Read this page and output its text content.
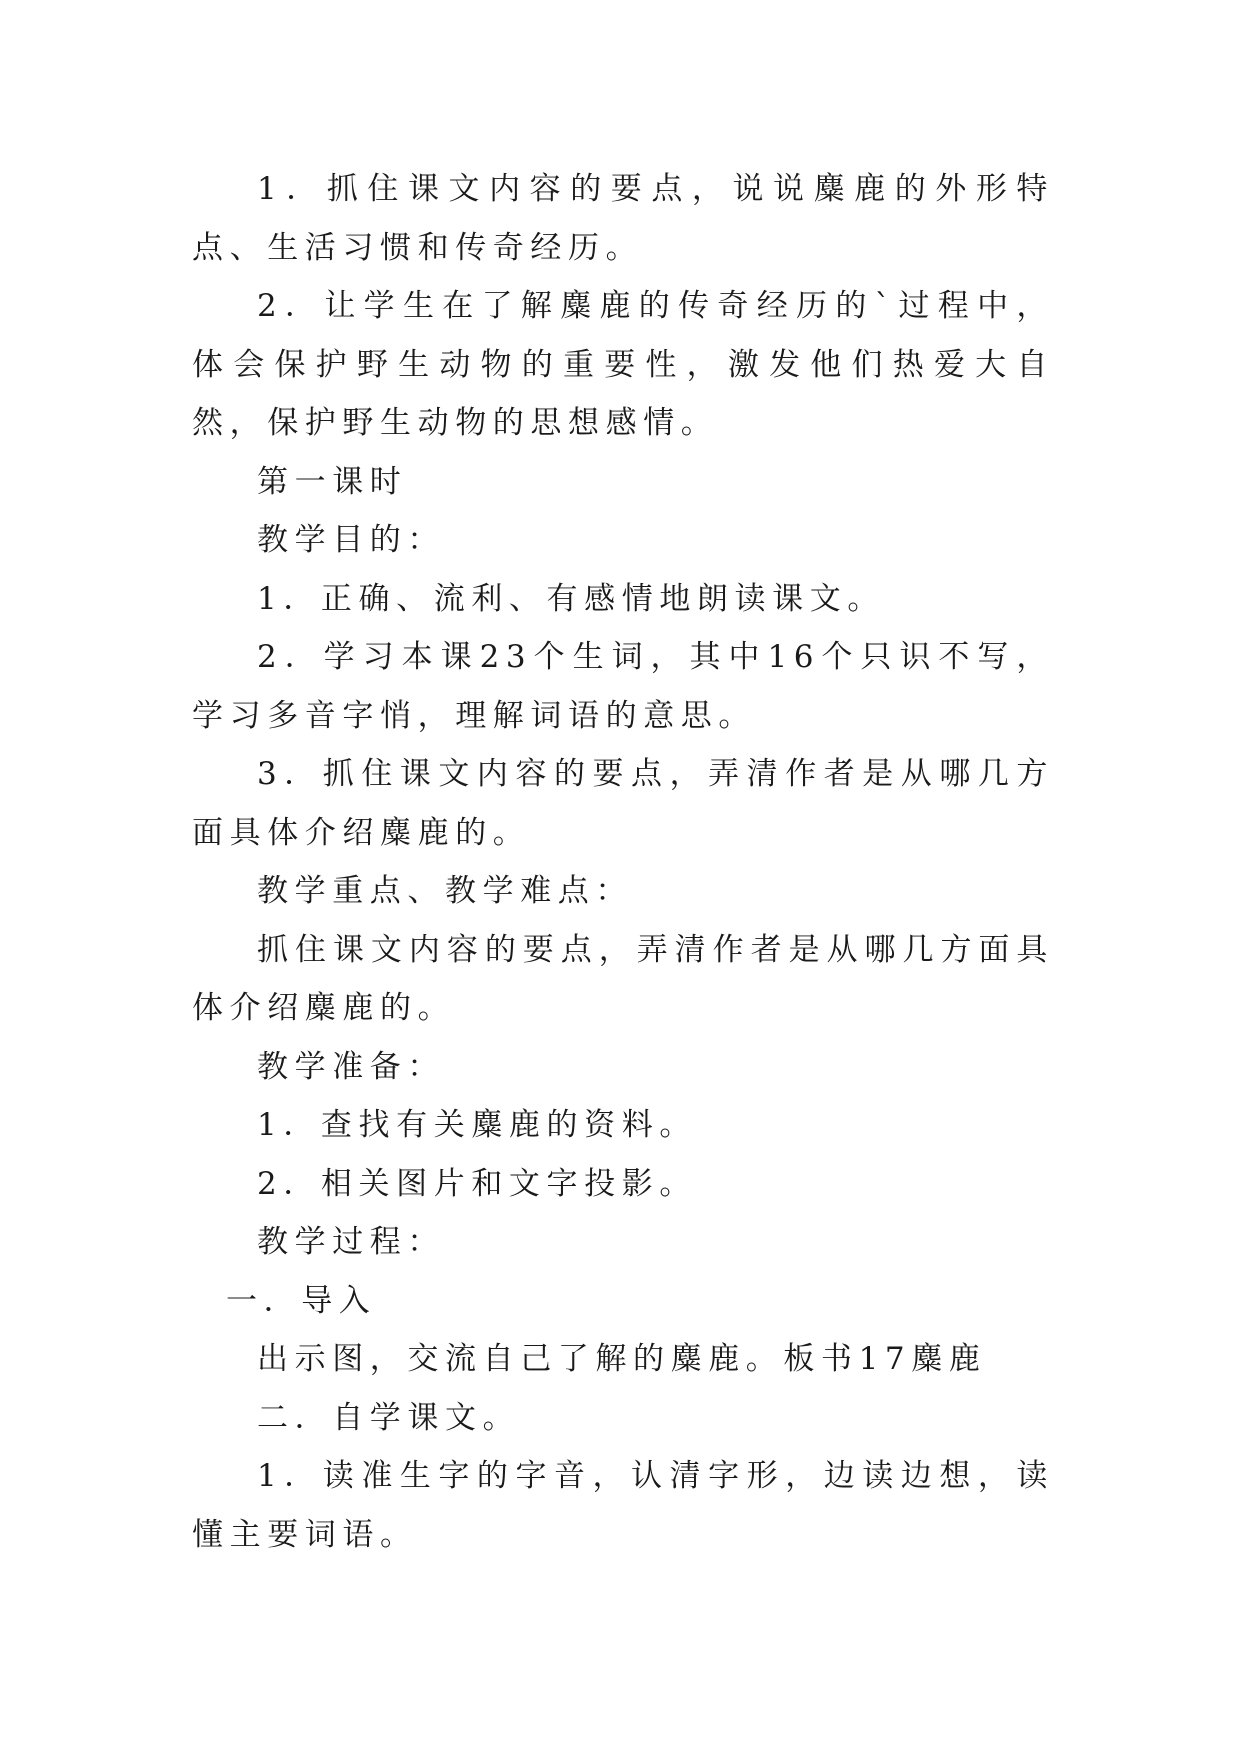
1．抓住课文内容的要点，说说麋鹿的外形特点、生活习惯和传奇经历。

2．让学生在了解麋鹿的传奇经历的`过程中，体会保护野生动物的重要性，激发他们热爱大自然，保护野生动物的思想感情。

第一课时

教学目的：

1．正确、流利、有感情地朗读课文。

2．学习本课23个生词，其中16个只识不写，学习多音字悄，理解词语的意思。

3．抓住课文内容的要点，弄清作者是从哪几方面具体介绍麋鹿的。

教学重点、教学难点：

抓住课文内容的要点，弄清作者是从哪几方面具体介绍麋鹿的。

教学准备：

1．查找有关麋鹿的资料。

2．相关图片和文字投影。

教学过程：

一．导入

出示图，交流自己了解的麋鹿。板书17麋鹿

二．自学课文。

1．读准生字的字音，认清字形，边读边想，读懂主要词语。
